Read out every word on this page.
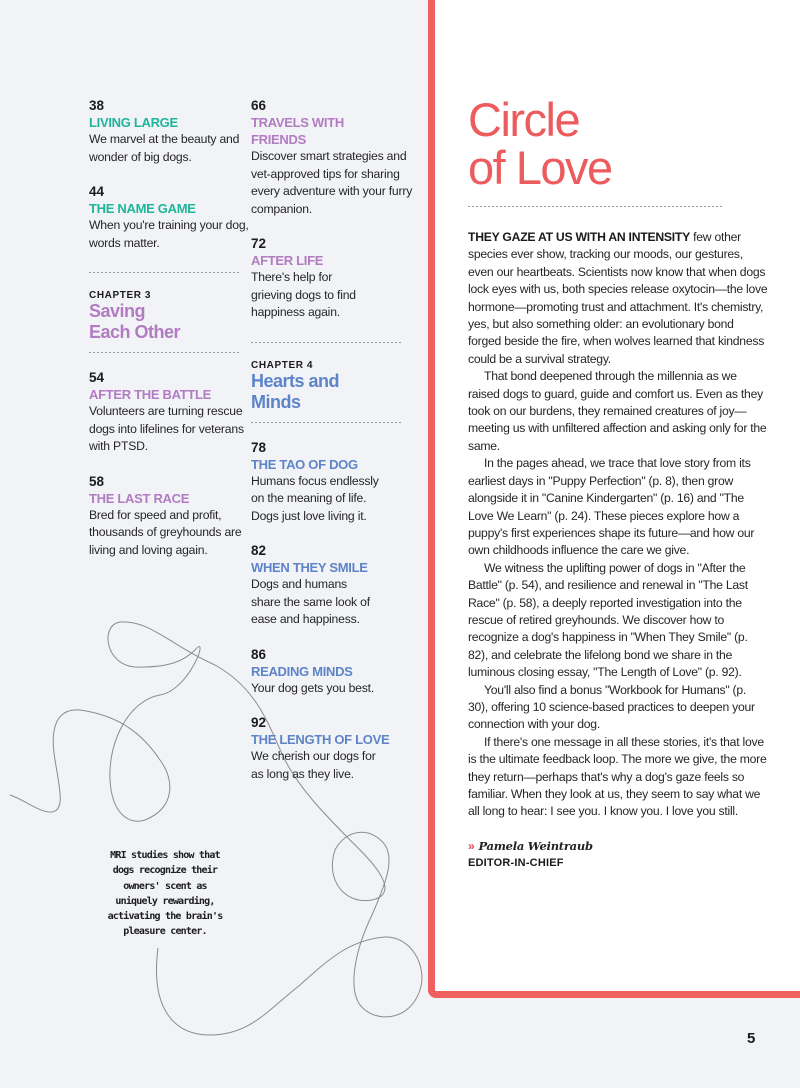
38
LIVING LARGE
We marvel at the beauty and wonder of big dogs.
44
THE NAME GAME
When you're training your dog, words matter.
CHAPTER 3
Saving
Each Other
54
AFTER THE BATTLE
Volunteers are turning rescue dogs into lifelines for veterans with PTSD.
58
THE LAST RACE
Bred for speed and profit, thousands of greyhounds are living and loving again.
66
TRAVELS WITH FRIENDS
Discover smart strategies and vet-approved tips for sharing every adventure with your furry companion.
72
AFTER LIFE
There's help for grieving dogs to find happiness again.
CHAPTER 4
Hearts and
Minds
78
THE TAO OF DOG
Humans focus endlessly on the meaning of life. Dogs just love living it.
82
WHEN THEY SMILE
Dogs and humans share the same look of ease and happiness.
86
READING MINDS
Your dog gets you best.
92
THE LENGTH OF LOVE
We cherish our dogs for as long as they live.
MRI studies show that dogs recognize their owners' scent as uniquely rewarding, activating the brain's pleasure center.
Circle
of Love

THEY GAZE AT US WITH AN INTENSITY few other species ever show, tracking our moods, our gestures, even our heartbeats. Scientists now know that when dogs lock eyes with us, both species release oxytocin—the love hormone—promoting trust and attachment. It's chemistry, yes, but also something older: an evolutionary bond forged beside the fire, when wolves learned that kindness could be a survival strategy.

That bond deepened through the millennia as we raised dogs to guard, guide and comfort us. Even as they took on our burdens, they remained creatures of joy—meeting us with unfiltered affection and asking only for the same.

In the pages ahead, we trace that love story from its earliest days in "Puppy Perfection" (p. 8), then grow alongside it in "Canine Kindergarten" (p. 16) and "The Love We Learn" (p. 24). These pieces explore how a puppy's first experiences shape its future—and how our own childhoods influence the care we give.

We witness the uplifting power of dogs in "After the Battle" (p. 54), and resilience and renewal in "The Last Race" (p. 58), a deeply reported investigation into the rescue of retired greyhounds. We discover how to recognize a dog's happiness in "When They Smile" (p. 82), and celebrate the lifelong bond we share in the luminous closing essay, "The Length of Love" (p. 92).

You'll also find a bonus "Workbook for Humans" (p. 30), offering 10 science-based practices to deepen your connection with your dog.

If there's one message in all these stories, it's that love is the ultimate feedback loop. The more we give, the more they return—perhaps that's why a dog's gaze feels so familiar. When they look at us, they seem to say what we all long to hear: I see you. I know you. I love you still.

» Pamela Weintraub
EDITOR-IN-CHIEF
5
